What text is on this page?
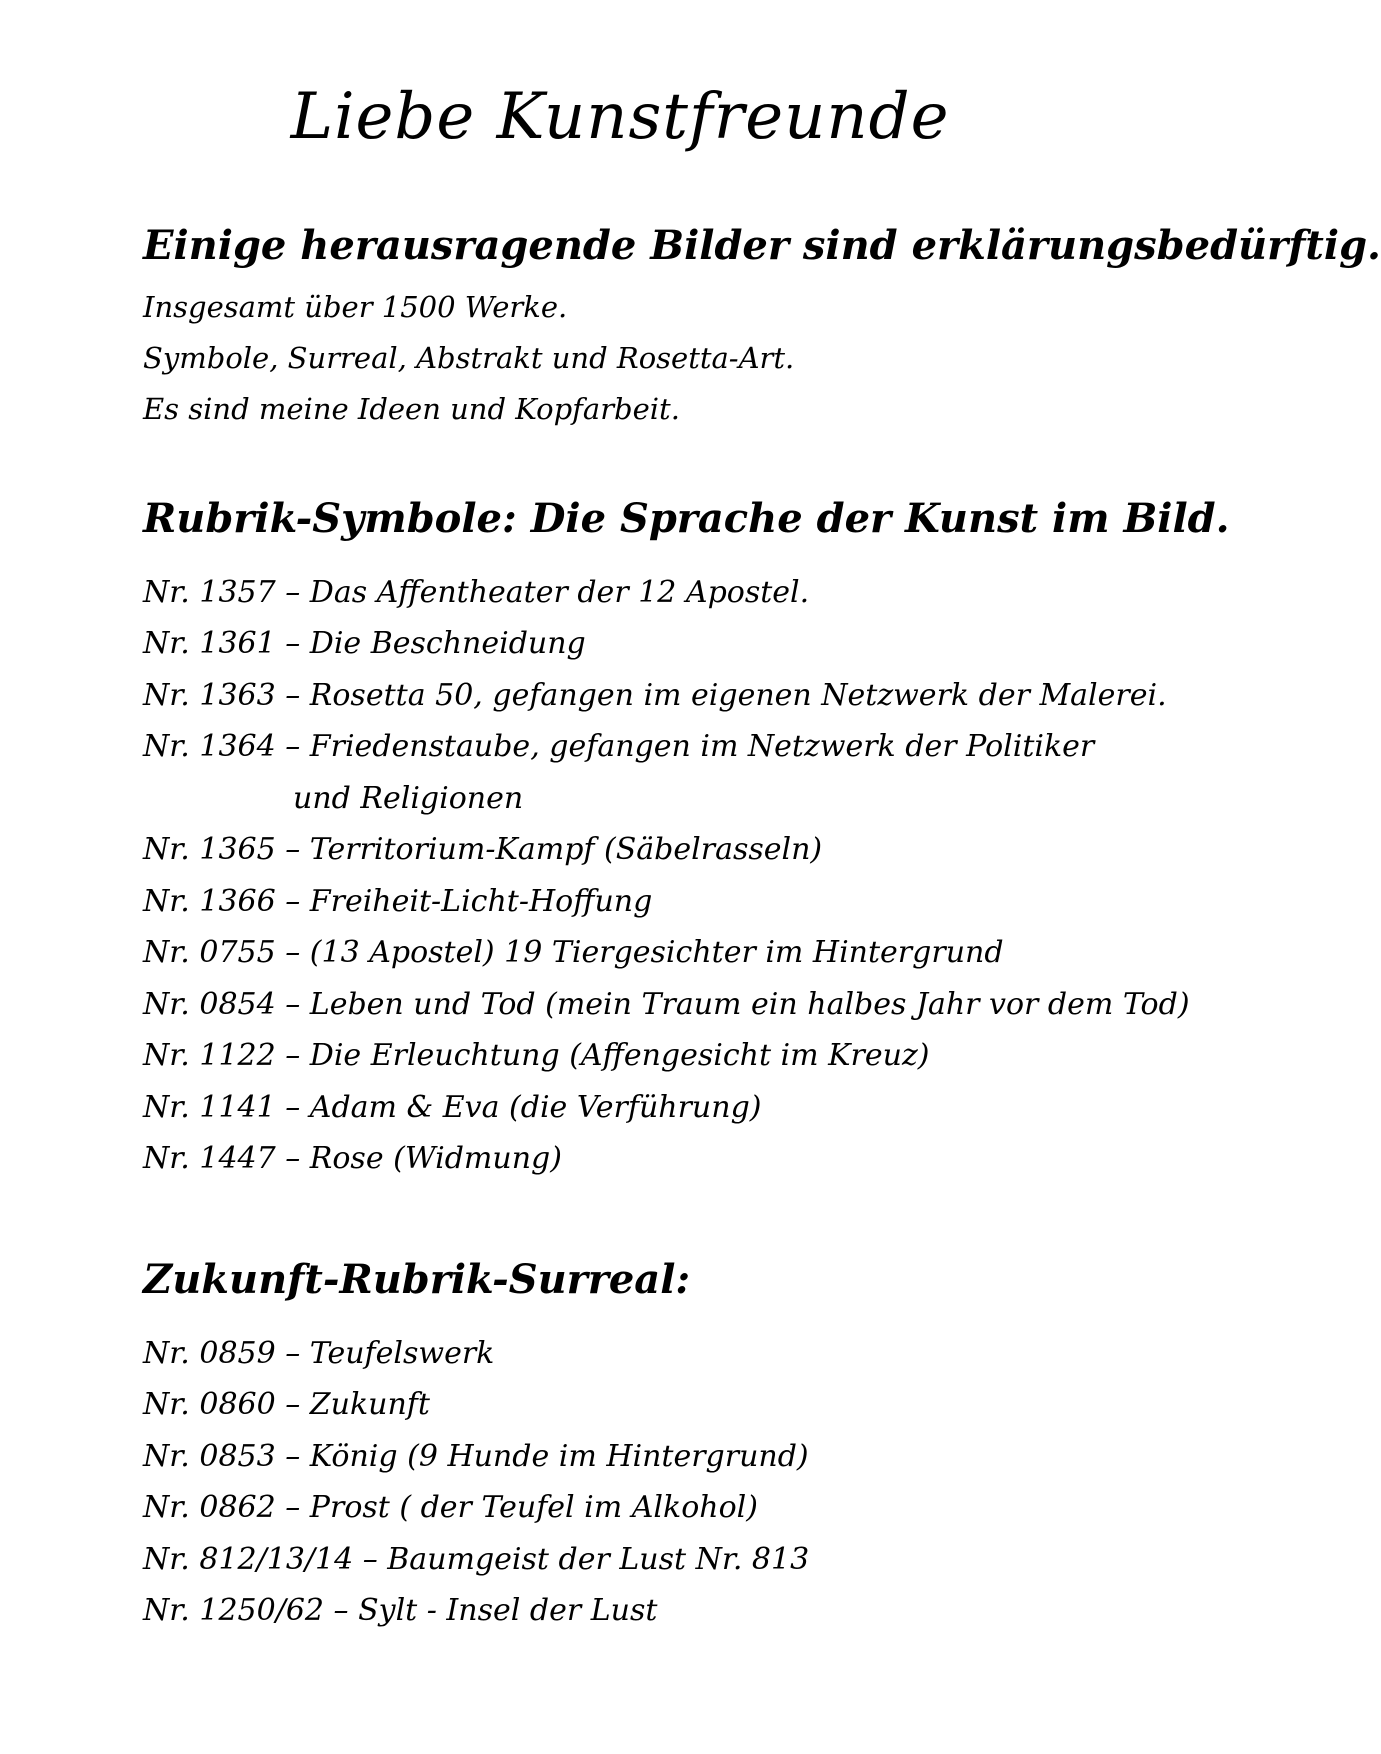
Liebe Kunstfreunde
Einige herausragende Bilder sind erklärungsbedürftig.

Insgesamt über 1500 Werke.

Symbole, Surreal, Abstrakt und Rosetta-Art.

Es sind meine Ideen und Kopfarbeit.

Rubrik-Symbole: Die Sprache der Kunst im Bild.

Nr. 1357 – Das Affentheater der 12 Apostel.

Nr. 1361 – Die Beschneidung

Nr. 1363 – Rosetta 50, gefangen im eigenen Netzwerk der Malerei.

Nr. 1364 – Friedenstaube, gefangen im Netzwerk der Politiker

und Religionen

Nr. 1365 – Territorium-Kampf (Säbelrasseln)

Nr. 1366 – Freiheit-Licht-Hoffung

Nr. 0755 – (13 Apostel) 19 Tiergesichter im Hintergrund

Nr. 0854 – Leben und Tod (mein Traum ein halbes Jahr vor dem Tod)

Nr. 1122 – Die Erleuchtung (Affengesicht im Kreuz)

Nr. 1141 – Adam & Eva (die Verführung)

Nr. 1447 – Rose (Widmung)

Zukunft-Rubrik-Surreal:

Nr. 0859 – Teufelswerk

Nr. 0860 – Zukunft

Nr. 0853 – König (9 Hunde im Hintergrund)

Nr. 0862 – Prost ( der Teufel im Alkohol)

Nr. 812/13/14 – Baumgeist der Lust Nr. 813

Nr. 1250/62 – Sylt - Insel der Lust
